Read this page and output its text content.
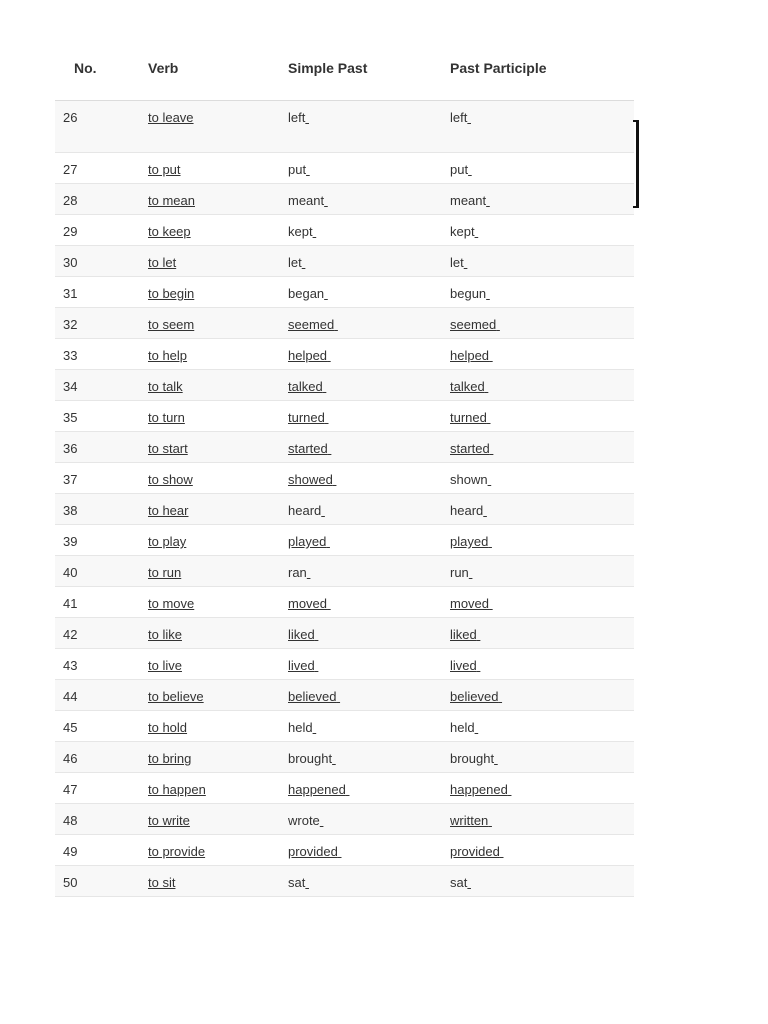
No.	Verb	Simple Past	Past Participle
26	to leave	left	left
27	to put	put	put
28	to mean	meant	meant
29	to keep	kept	kept
30	to let	let	let
31	to begin	began	begun
32	to seem	seemed	seemed
33	to help	helped	helped
34	to talk	talked	talked
35	to turn	turned	turned
36	to start	started	started
37	to show	showed	shown
38	to hear	heard	heard
39	to play	played	played
40	to run	ran	run
41	to move	moved	moved
42	to like	liked	liked
43	to live	lived	lived
44	to believe	believed	believed
45	to hold	held	held
46	to bring	brought	brought
47	to happen	happened	happened
48	to write	wrote	written
49	to provide	provided	provided
50	to sit	sat	sat
